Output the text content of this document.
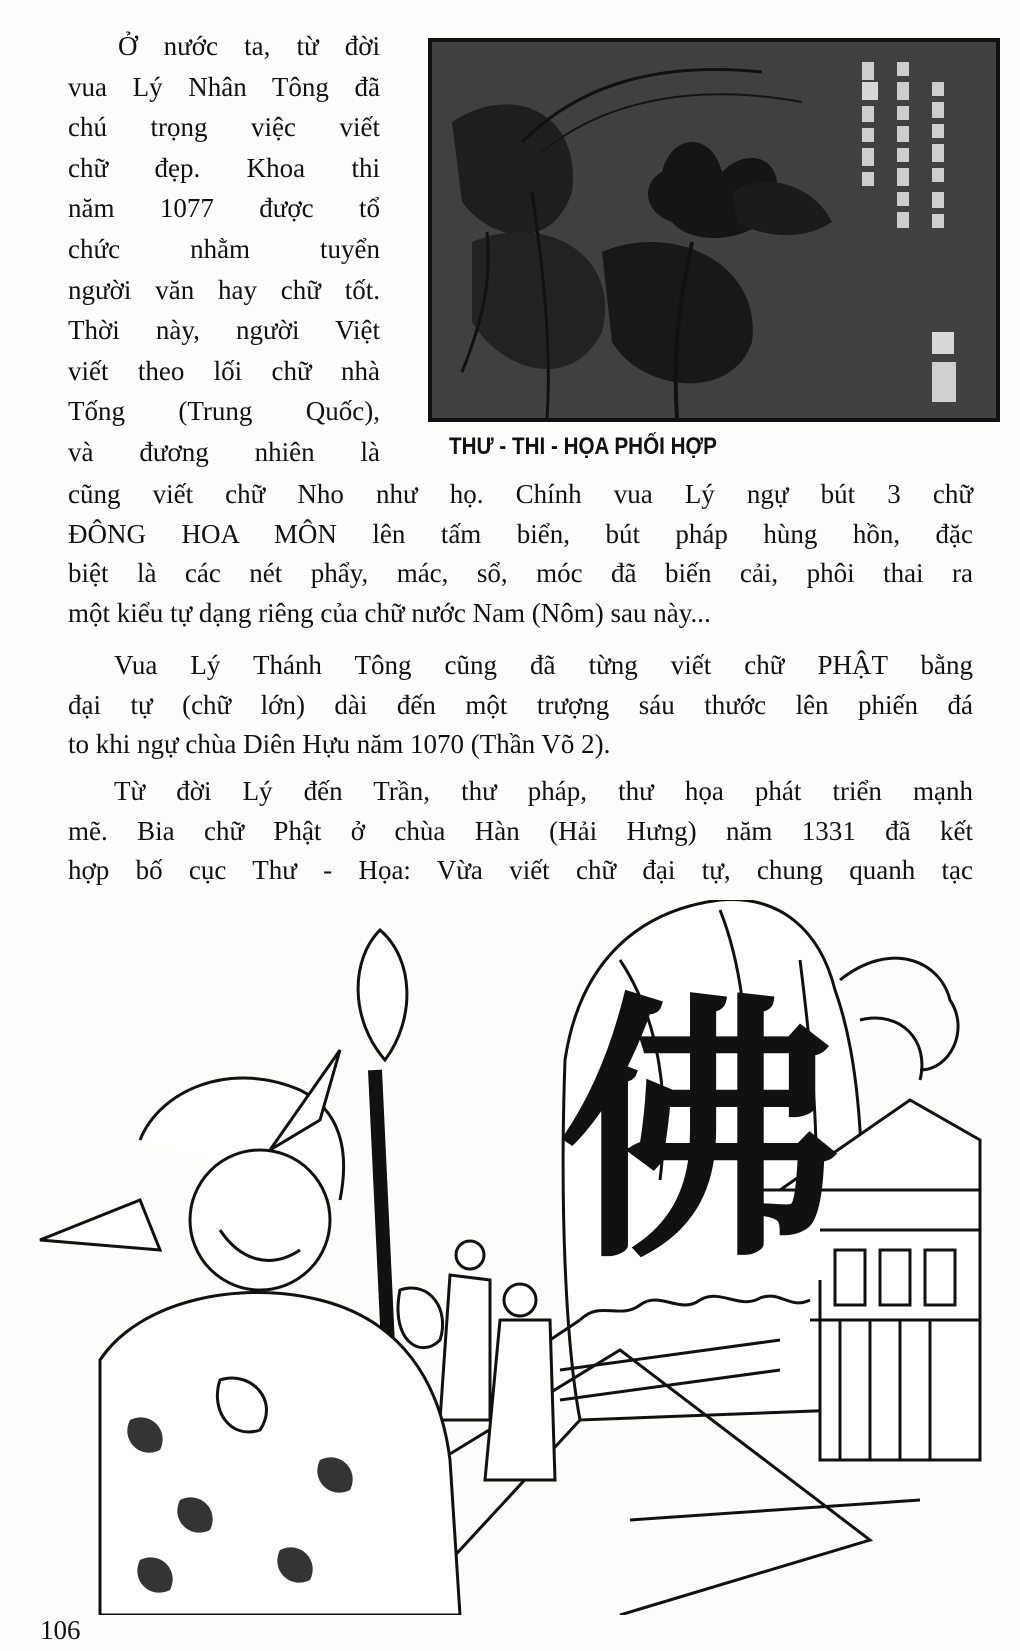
Ở nước ta, từ đời
vua Lý Nhân Tông đã
chú trọng việc viết
chữ đẹp. Khoa thi
năm 1077 được tổ
chức nhằm tuyển
người văn hay chữ tốt.
Thời này, người Việt
viết theo lối chữ nhà
Tống (Trung Quốc),
và đương nhiên là	THƯ - THI - HỌA PHỐI HỢP
cũng viết chữ Nho như họ. Chính vua Lý ngự bút 3 chữ
ĐÔNG HOA MÔN lên tấm biển, bút pháp hùng hồn, đặc
biệt là các nét phẩy, mác, sổ, móc đã biến cải, phôi thai ra
một kiểu tự dạng riêng của chữ nước Nam (Nôm) sau này...
Vua Lý Thánh Tông cũng đã từng viết chữ PHẬT bằng
đại tự (chữ lớn) dài đến một trượng sáu thước lên phiến đá
to khi ngự chùa Diên Hựu năm 1070 (Thần Võ 2).
Từ đời Lý đến Trần, thư pháp, thư họa phát triển mạnh
mẽ. Bia chữ Phật ở chùa Hàn (Hải Hưng) năm 1331 đã kết
hợp bố cục Thư - Họa: Vừa viết chữ đại tự, chung quanh tạc
佛
106
